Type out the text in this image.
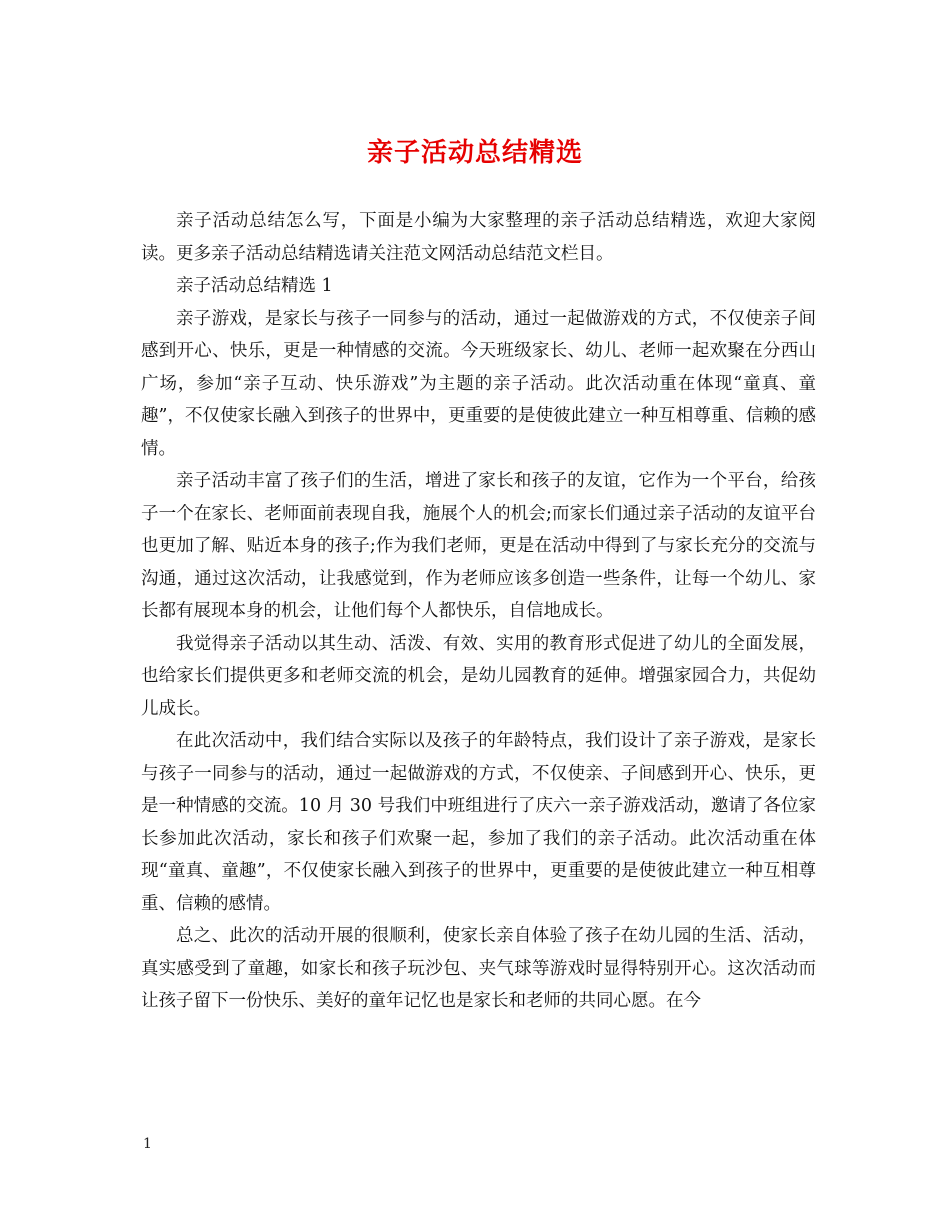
亲子活动总结精选

亲子活动总结怎么写，下面是小编为大家整理的亲子活动总结精选，欢迎大家阅读。更多亲子活动总结精选请关注范文网活动总结范文栏目。

亲子活动总结精选 1

亲子游戏，是家长与孩子一同参与的活动，通过一起做游戏的方式，不仅使亲子间感到开心、快乐，更是一种情感的交流。今天班级家长、幼儿、老师一起欢聚在分西山广场，参加“亲子互动、快乐游戏”为主题的亲子活动。此次活动重在体现“童真、童趣”，不仅使家长融入到孩子的世界中，更重要的是使彼此建立一种互相尊重、信赖的感情。

亲子活动丰富了孩子们的生活，增进了家长和孩子的友谊，它作为一个平台，给孩子一个在家长、老师面前表现自我，施展个人的机会;而家长们通过亲子活动的友谊平台也更加了解、贴近本身的孩子;作为我们老师，更是在活动中得到了与家长充分的交流与沟通，通过这次活动，让我感觉到，作为老师应该多创造一些条件，让每一个幼儿、家长都有展现本身的机会，让他们每个人都快乐，自信地成长。

我觉得亲子活动以其生动、活泼、有效、实用的教育形式促进了幼儿的全面发展，也给家长们提供更多和老师交流的机会，是幼儿园教育的延伸。增强家园合力，共促幼儿成长。

在此次活动中，我们结合实际以及孩子的年龄特点，我们设计了亲子游戏，是家长与孩子一同参与的活动，通过一起做游戏的方式，不仅使亲、子间感到开心、快乐，更是一种情感的交流。10 月 30 号我们中班组进行了庆六一亲子游戏活动，邀请了各位家长参加此次活动，家长和孩子们欢聚一起，参加了我们的亲子活动。此次活动重在体现“童真、童趣”，不仅使家长融入到孩子的世界中，更重要的是使彼此建立一种互相尊重、信赖的感情。

总之、此次的活动开展的很顺利，使家长亲自体验了孩子在幼儿园的生活、活动，真实感受到了童趣，如家长和孩子玩沙包、夹气球等游戏时显得特别开心。这次活动而让孩子留下一份快乐、美好的童年记忆也是家长和老师的共同心愿。在今

1
